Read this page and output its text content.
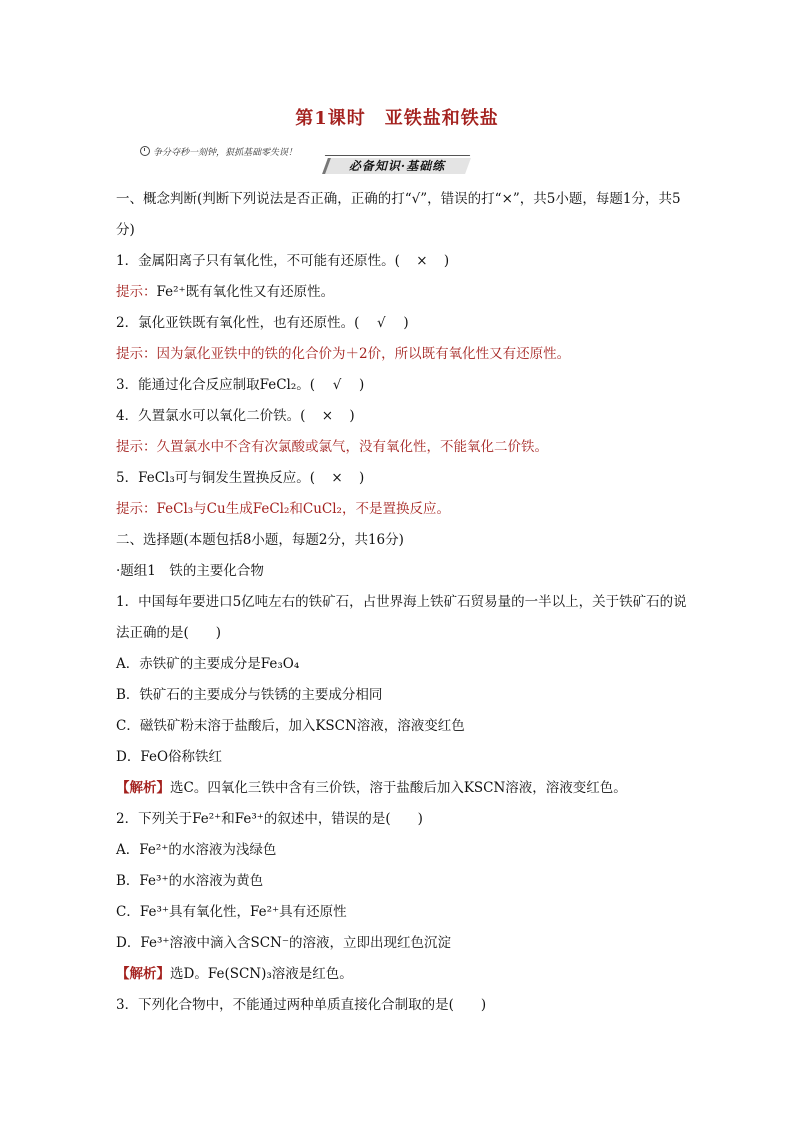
第1课时　亚铁盐和铁盐
争分夺秒一刻钟，狠抓基础零失误！
必备知识·基础练

一、概念判断(判断下列说法是否正确，正确的打“√”，错误的打“×”，共5小题，每题1分，共5分)

1．金属阳离子只有氧化性，不可能有还原性。( × )

提示：Fe²⁺既有氧化性又有还原性。

2．氯化亚铁既有氧化性，也有还原性。( √ )

提示：因为氯化亚铁中的铁的化合价为＋2价，所以既有氧化性又有还原性。

3．能通过化合反应制取FeCl₂。( √ )

4．久置氯水可以氧化二价铁。( × )

提示：久置氯水中不含有次氯酸或氯气，没有氧化性，不能氧化二价铁。

5．FeCl₃可与铜发生置换反应。( × )

提示：FeCl₃与Cu生成FeCl₂和CuCl₂，不是置换反应。

二、选择题(本题包括8小题，每题2分，共16分)

·题组1　铁的主要化合物

1．中国每年要进口5亿吨左右的铁矿石，占世界海上铁矿石贸易量的一半以上，关于铁矿石的说法正确的是(　　)

A．赤铁矿的主要成分是Fe₃O₄

B．铁矿石的主要成分与铁锈的主要成分相同

C．磁铁矿粉末溶于盐酸后，加入KSCN溶液，溶液变红色

D．FeO俗称铁红

【解析】选C。四氧化三铁中含有三价铁，溶于盐酸后加入KSCN溶液，溶液变红色。

2．下列关于Fe²⁺和Fe³⁺的叙述中，错误的是(　　)

A．Fe²⁺的水溶液为浅绿色

B．Fe³⁺的水溶液为黄色

C．Fe³⁺具有氧化性，Fe²⁺具有还原性

D．Fe³⁺溶液中滴入含SCN⁻的溶液，立即出现红色沉淀

【解析】选D。Fe(SCN)₃溶液是红色。

3．下列化合物中，不能通过两种单质直接化合制取的是(　　)
